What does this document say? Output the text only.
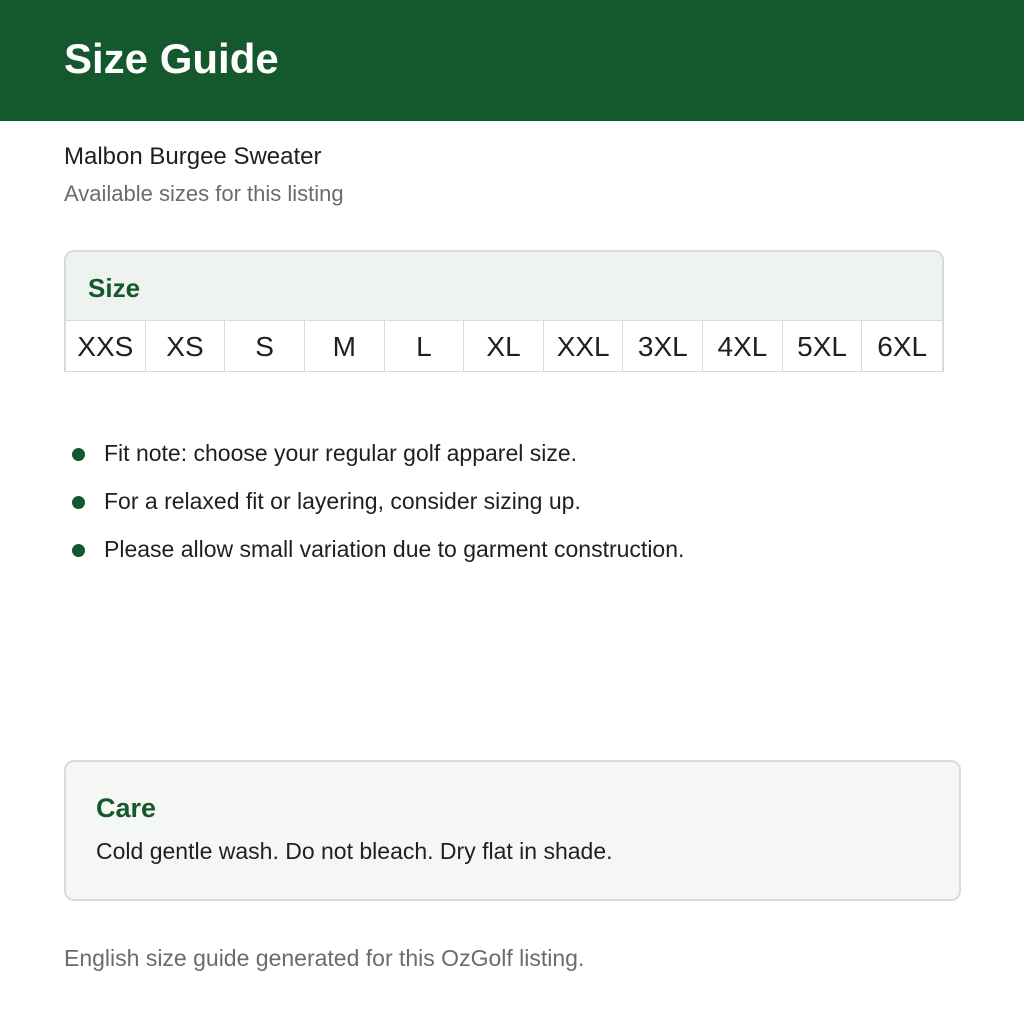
Size Guide
Malbon Burgee Sweater
Available sizes for this listing
Size
XXS	XS	S	M	L	XL	XXL	3XL	4XL	5XL	6XL
Fit note: choose your regular golf apparel size.
For a relaxed fit or layering, consider sizing up.
Please allow small variation due to garment construction.
Care
Cold gentle wash. Do not bleach. Dry flat in shade.
English size guide generated for this OzGolf listing.
